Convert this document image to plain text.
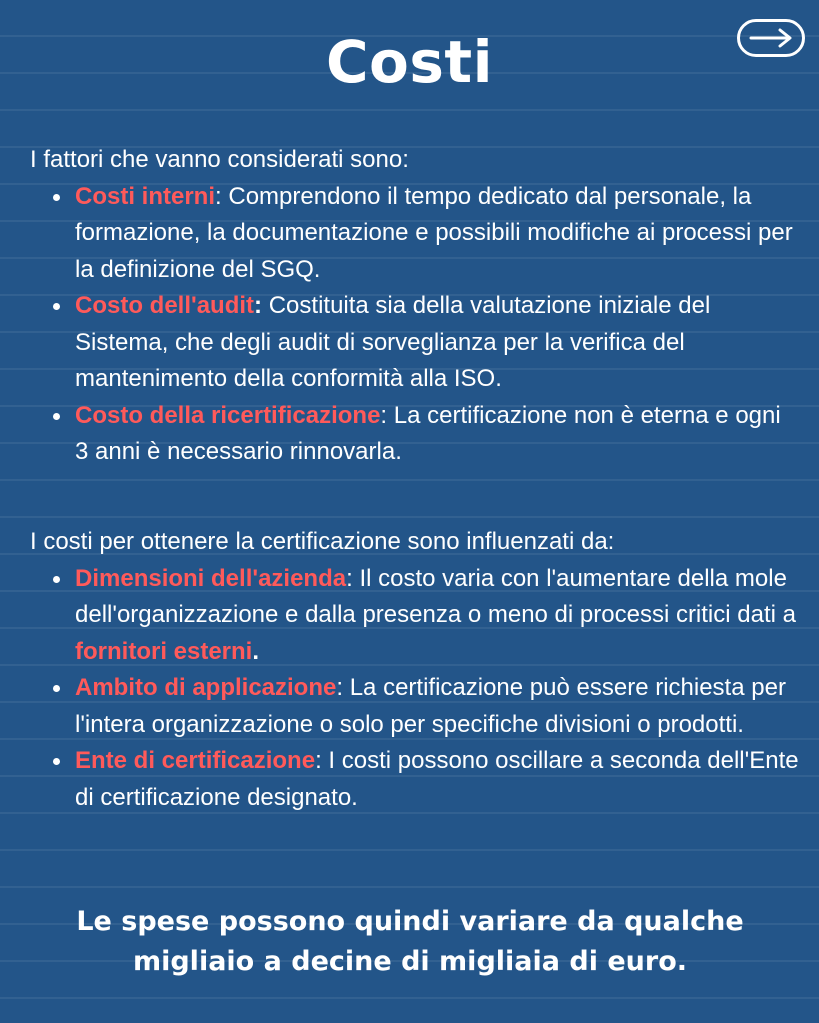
Costi

I fattori che vanno considerati sono:

Costi interni: Comprendono il tempo dedicato dal personale, la formazione, la documentazione e possibili modifiche ai processi per la definizione del SGQ.
Costo dell'audit: Costituita sia della valutazione iniziale del Sistema, che degli audit di sorveglianza per la verifica del mantenimento della conformità alla ISO.
Costo della ricertificazione: La certificazione non è eterna e ogni 3 anni è necessario rinnovarla.

I costi per ottenere la certificazione sono influenzati da:

Dimensioni dell'azienda: Il costo varia con l'aumentare della mole dell'organizzazione e dalla presenza o meno di processi critici dati a fornitori esterni.
Ambito di applicazione: La certificazione può essere richiesta per l'intera organizzazione o solo per specifiche divisioni o prodotti.
Ente di certificazione: I costi possono oscillare a seconda dell'Ente di certificazione designato.

Le spese possono quindi variare da qualche migliaio a decine di migliaia di euro.
